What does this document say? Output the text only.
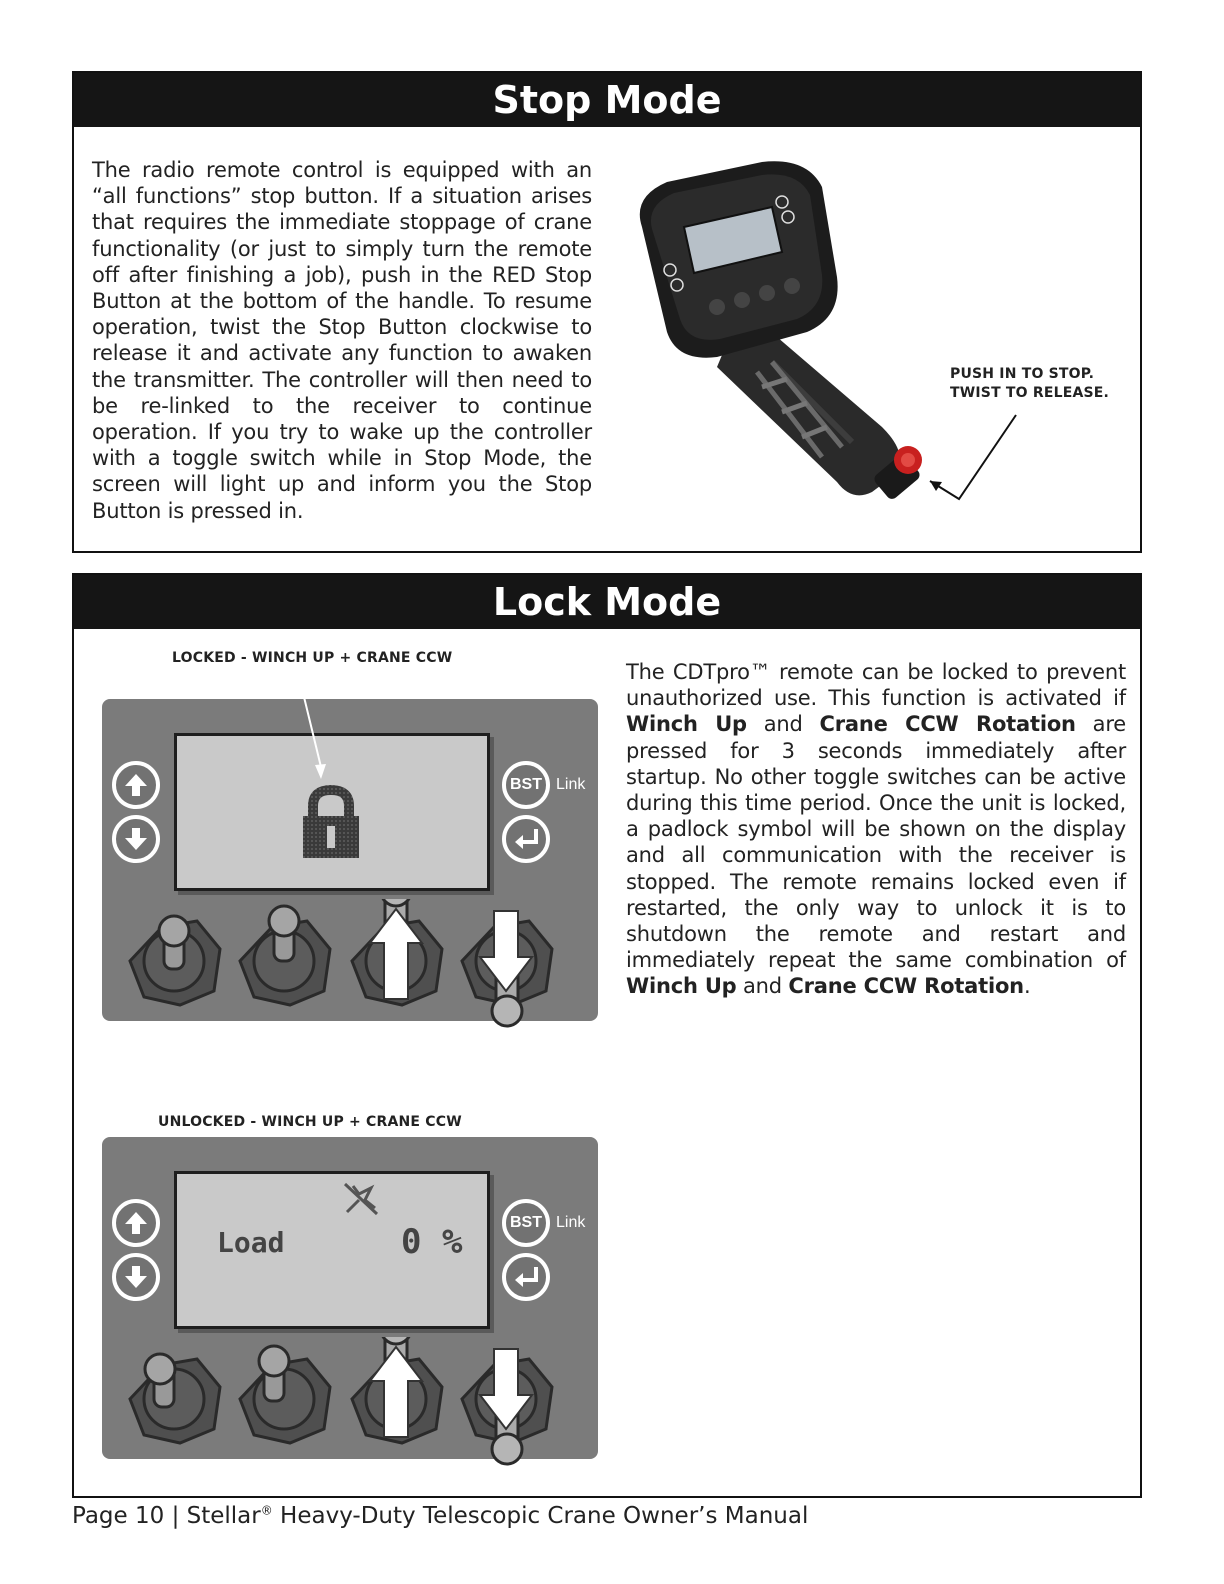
Stop Mode

The radio remote control is equipped with an “all functions” stop button. If a situation arises that requires the immediate stoppage of crane functionality (or just to simply turn the remote off after finishing a job), push in the RED Stop Button at the bottom of the handle. To resume operation, twist the Stop Button clockwise to release it and activate any function to awaken the transmitter. The controller will then need to be re-linked to the receiver to continue operation. If you try to wake up the controller with a toggle switch while in Stop Mode, the screen will light up and inform you the Stop Button is pressed in.

PUSH IN TO STOP.
TWIST TO RELEASE.
Lock Mode

The CDTpro™ remote can be locked to prevent unauthorized use. This function is activated if Winch Up and Crane CCW Rotation are pressed for 3 seconds immediately after startup. No other toggle switches can be active during this time period. Once the unit is locked, a padlock symbol will be shown on the display and all communication with the receiver is stopped. The remote remains locked even if restarted, the only way to unlock it is to shutdown the remote and restart and immediately repeat the same combination of Winch Up and Crane CCW Rotation.

LOCKED - WINCH UP + CRANE CCW
BST Link
UNLOCKED - WINCH UP + CRANE CCW
Load	0 %	BST Link
Page 10 | Stellar® Heavy-Duty Telescopic Crane Owner’s Manual
